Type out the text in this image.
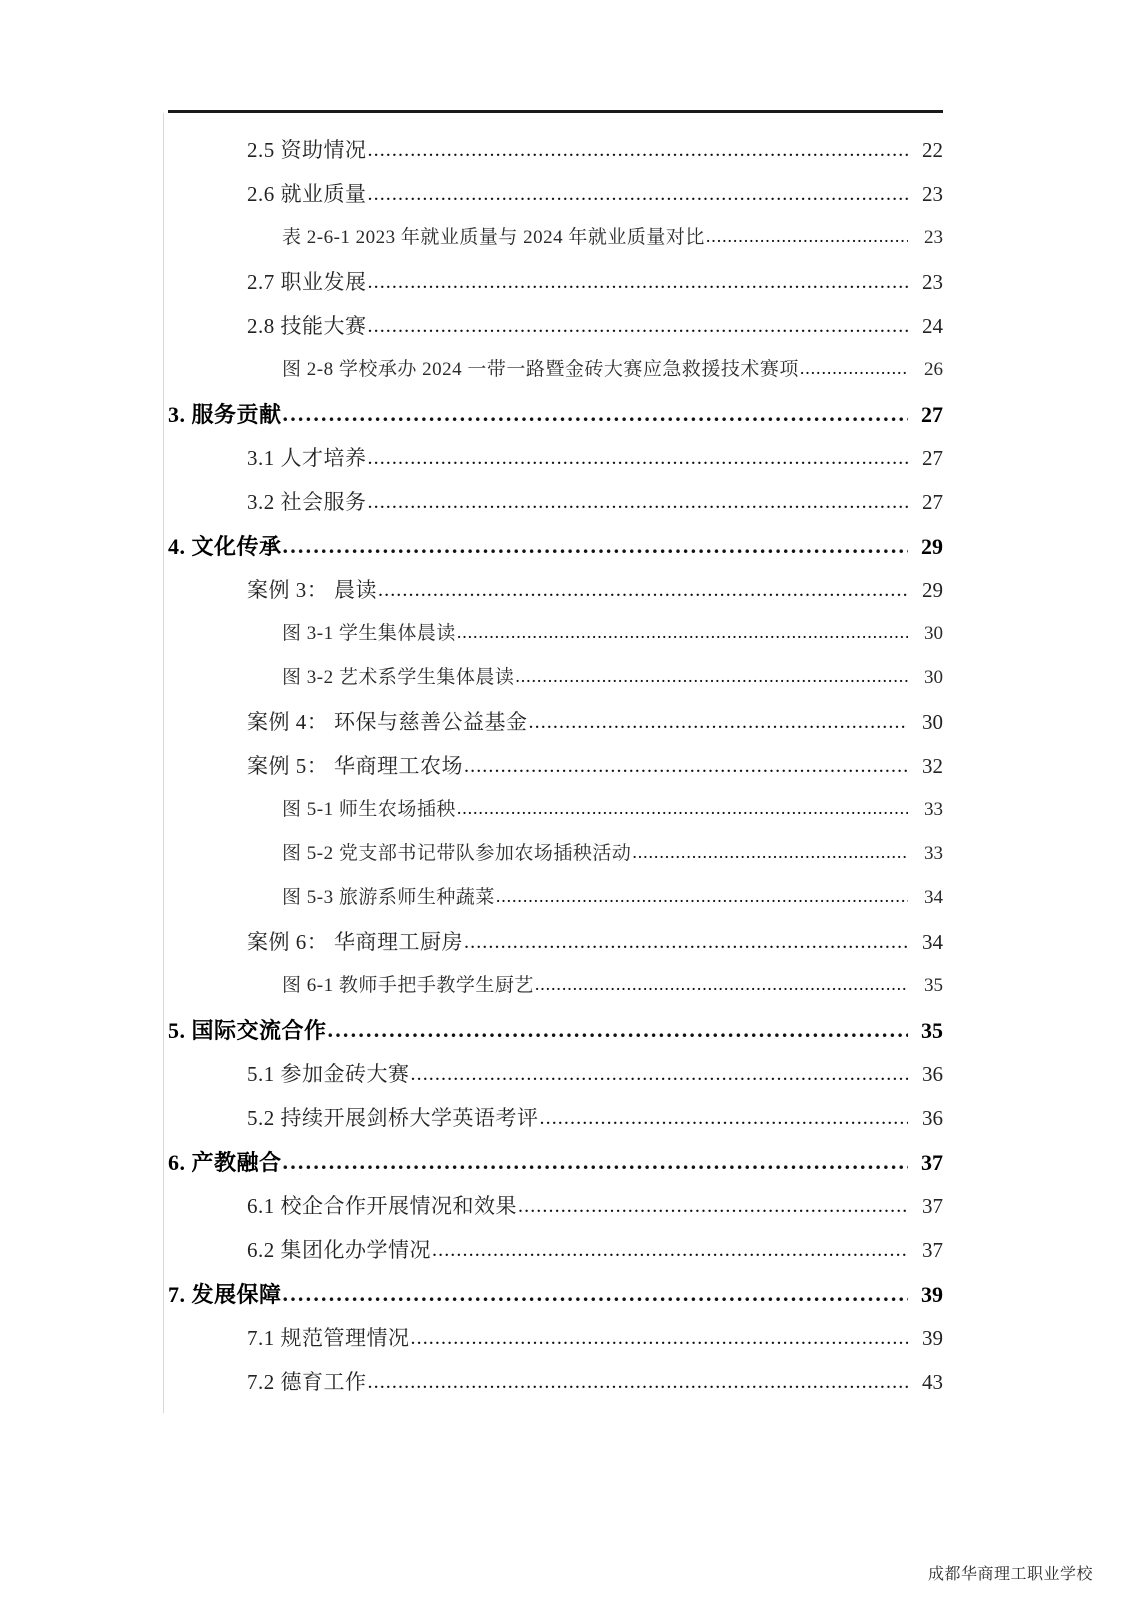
2.5 资助情况 .....	22
2.6 就业质量 .....	23
表 2-6-1 2023 年就业质量与 2024 年就业质量对比 .....	23
2.7 职业发展 .....	23
2.8 技能大赛 .....	24
图 2-8 学校承办 2024 一带一路暨金砖大赛应急救援技术赛项 .....	26
3. 服务贡献 .....	27
3.1 人才培养 .....	27
3.2 社会服务 .....	27
4. 文化传承 .....	29
案例 3： 晨读 .....	29
图 3-1 学生集体晨读 .....	30
图 3-2 艺术系学生集体晨读 .....	30
案例 4： 环保与慈善公益基金 .....	30
案例 5： 华商理工农场 .....	32
图 5-1 师生农场插秧 .....	33
图 5-2 党支部书记带队参加农场插秧活动 .....	33
图 5-3 旅游系师生种蔬菜 .....	34
案例 6： 华商理工厨房 .....	34
图 6-1 教师手把手教学生厨艺 .....	35
5. 国际交流合作 .....	35
5.1 参加金砖大赛 .....	36
5.2 持续开展剑桥大学英语考评 .....	36
6. 产教融合 .....	37
6.1 校企合作开展情况和效果 .....	37
6.2 集团化办学情况 .....	37
7. 发展保障 .....	39
7.1 规范管理情况 .....	39
7.2 德育工作 .....	43
成都华商理工职业学校
